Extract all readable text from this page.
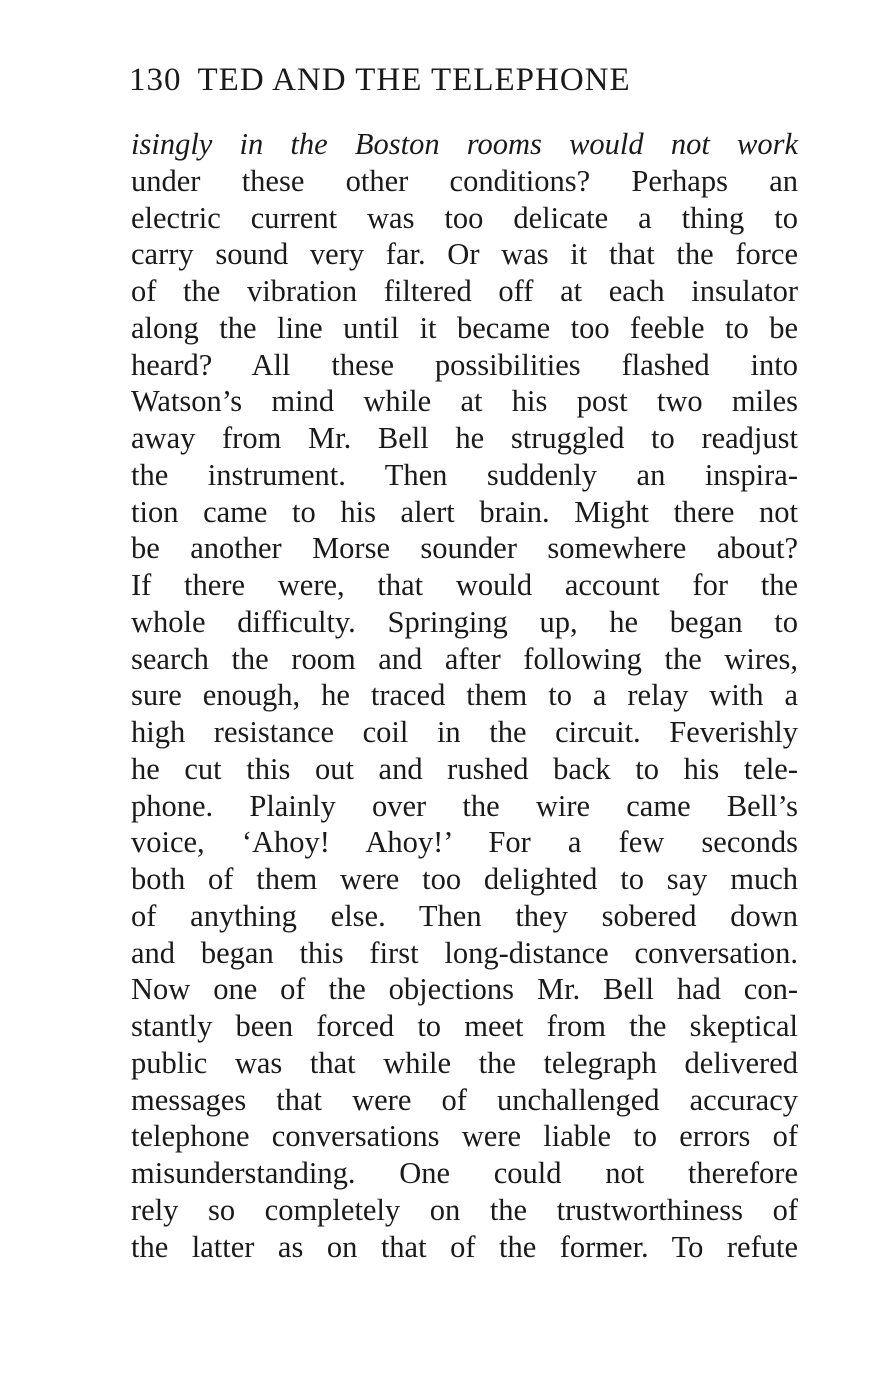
130 TED AND THE TELEPHONE
isingly in the Boston rooms would not work
under these other conditions? Perhaps an
electric current was too delicate a thing to
carry sound very far. Or was it that the force
of the vibration filtered off at each insulator
along the line until it became too feeble to be
heard? All these possibilities flashed into
Watson’s mind while at his post two miles
away from Mr. Bell he struggled to readjust
the instrument. Then suddenly an inspira-
tion came to his alert brain. Might there not
be another Morse sounder somewhere about?
If there were, that would account for the
whole difficulty. Springing up, he began to
search the room and after following the wires,
sure enough, he traced them to a relay with a
high resistance coil in the circuit. Feverishly
he cut this out and rushed back to his tele-
phone. Plainly over the wire came Bell’s
voice, ‘Ahoy! Ahoy!’ For a few seconds
both of them were too delighted to say much
of anything else. Then they sobered down
and began this first long-distance conversation.
Now one of the objections Mr. Bell had con-
stantly been forced to meet from the skeptical
public was that while the telegraph delivered
messages that were of unchallenged accuracy
telephone conversations were liable to errors of
misunderstanding. One could not therefore
rely so completely on the trustworthiness of
the latter as on that of the former. To refute
